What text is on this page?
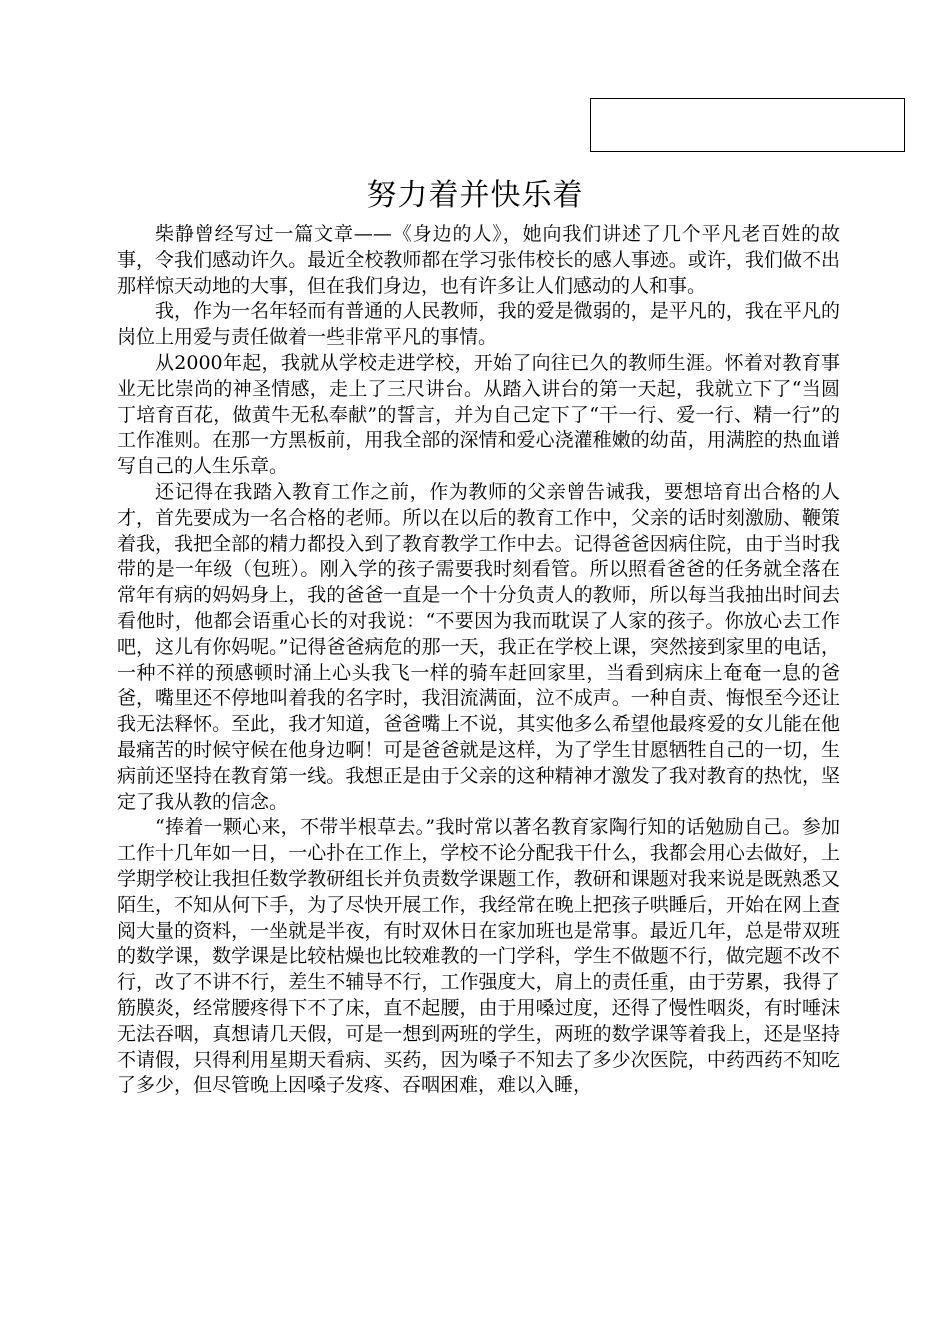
努力着并快乐着

柴静曾经写过一篇文章——《身边的人》，她向我们讲述了几个平凡老百姓的故事，令我们感动许久。最近全校教师都在学习张伟校长的感人事迹。或许，我们做不出那样惊天动地的大事，但在我们身边，也有许多让人们感动的人和事。

我，作为一名年轻而有普通的人民教师，我的爱是微弱的，是平凡的，我在平凡的岗位上用爱与责任做着一些非常平凡的事情。

从2000年起，我就从学校走进学校，开始了向往已久的教师生涯。怀着对教育事业无比崇尚的神圣情感，走上了三尺讲台。从踏入讲台的第一天起，我就立下了“当圆丁培育百花，做黄牛无私奉献”的誓言，并为自己定下了“干一行、爱一行、精一行”的工作准则。在那一方黑板前，用我全部的深情和爱心浇灌稚嫩的幼苗，用满腔的热血谱写自己的人生乐章。

还记得在我踏入教育工作之前，作为教师的父亲曾告诫我，要想培育出合格的人才，首先要成为一名合格的老师。所以在以后的教育工作中，父亲的话时刻激励、鞭策着我，我把全部的精力都投入到了教育教学工作中去。记得爸爸因病住院，由于当时我带的是一年级（包班）。刚入学的孩子需要我时刻看管。所以照看爸爸的任务就全落在常年有病的妈妈身上，我的爸爸一直是一个十分负责人的教师，所以每当我抽出时间去看他时，他都会语重心长的对我说：“不要因为我而耽误了人家的孩子。你放心去工作吧，这儿有你妈呢。”记得爸爸病危的那一天，我正在学校上课，突然接到家里的电话，一种不祥的预感顿时涌上心头我飞一样的骑车赶回家里，当看到病床上奄奄一息的爸爸，嘴里还不停地叫着我的名字时，我泪流满面，泣不成声。一种自责、悔恨至今还让我无法释怀。至此，我才知道，爸爸嘴上不说，其实他多么希望他最疼爱的女儿能在他最痛苦的时候守候在他身边啊！可是爸爸就是这样，为了学生甘愿牺牲自己的一切，生病前还坚持在教育第一线。我想正是由于父亲的这种精神才激发了我对教育的热忱，坚定了我从教的信念。

“捧着一颗心来，不带半根草去。”我时常以著名教育家陶行知的话勉励自己。参加工作十几年如一日，一心扑在工作上，学校不论分配我干什么，我都会用心去做好，上学期学校让我担任数学教研组长并负责数学课题工作，教研和课题对我来说是既熟悉又陌生，不知从何下手，为了尽快开展工作，我经常在晚上把孩子哄睡后，开始在网上查阅大量的资料，一坐就是半夜，有时双休日在家加班也是常事。最近几年，总是带双班的数学课，数学课是比较枯燥也比较难教的一门学科，学生不做题不行，做完题不改不行，改了不讲不行，差生不辅导不行，工作强度大，肩上的责任重，由于劳累，我得了筋膜炎，经常腰疼得下不了床，直不起腰，由于用嗓过度，还得了慢性咽炎，有时唾沫无法吞咽，真想请几天假，可是一想到两班的学生，两班的数学课等着我上，还是坚持不请假，只得利用星期天看病、买药，因为嗓子不知去了多少次医院，中药西药不知吃了多少，但尽管晚上因嗓子发疼、吞咽困难，难以入睡，
